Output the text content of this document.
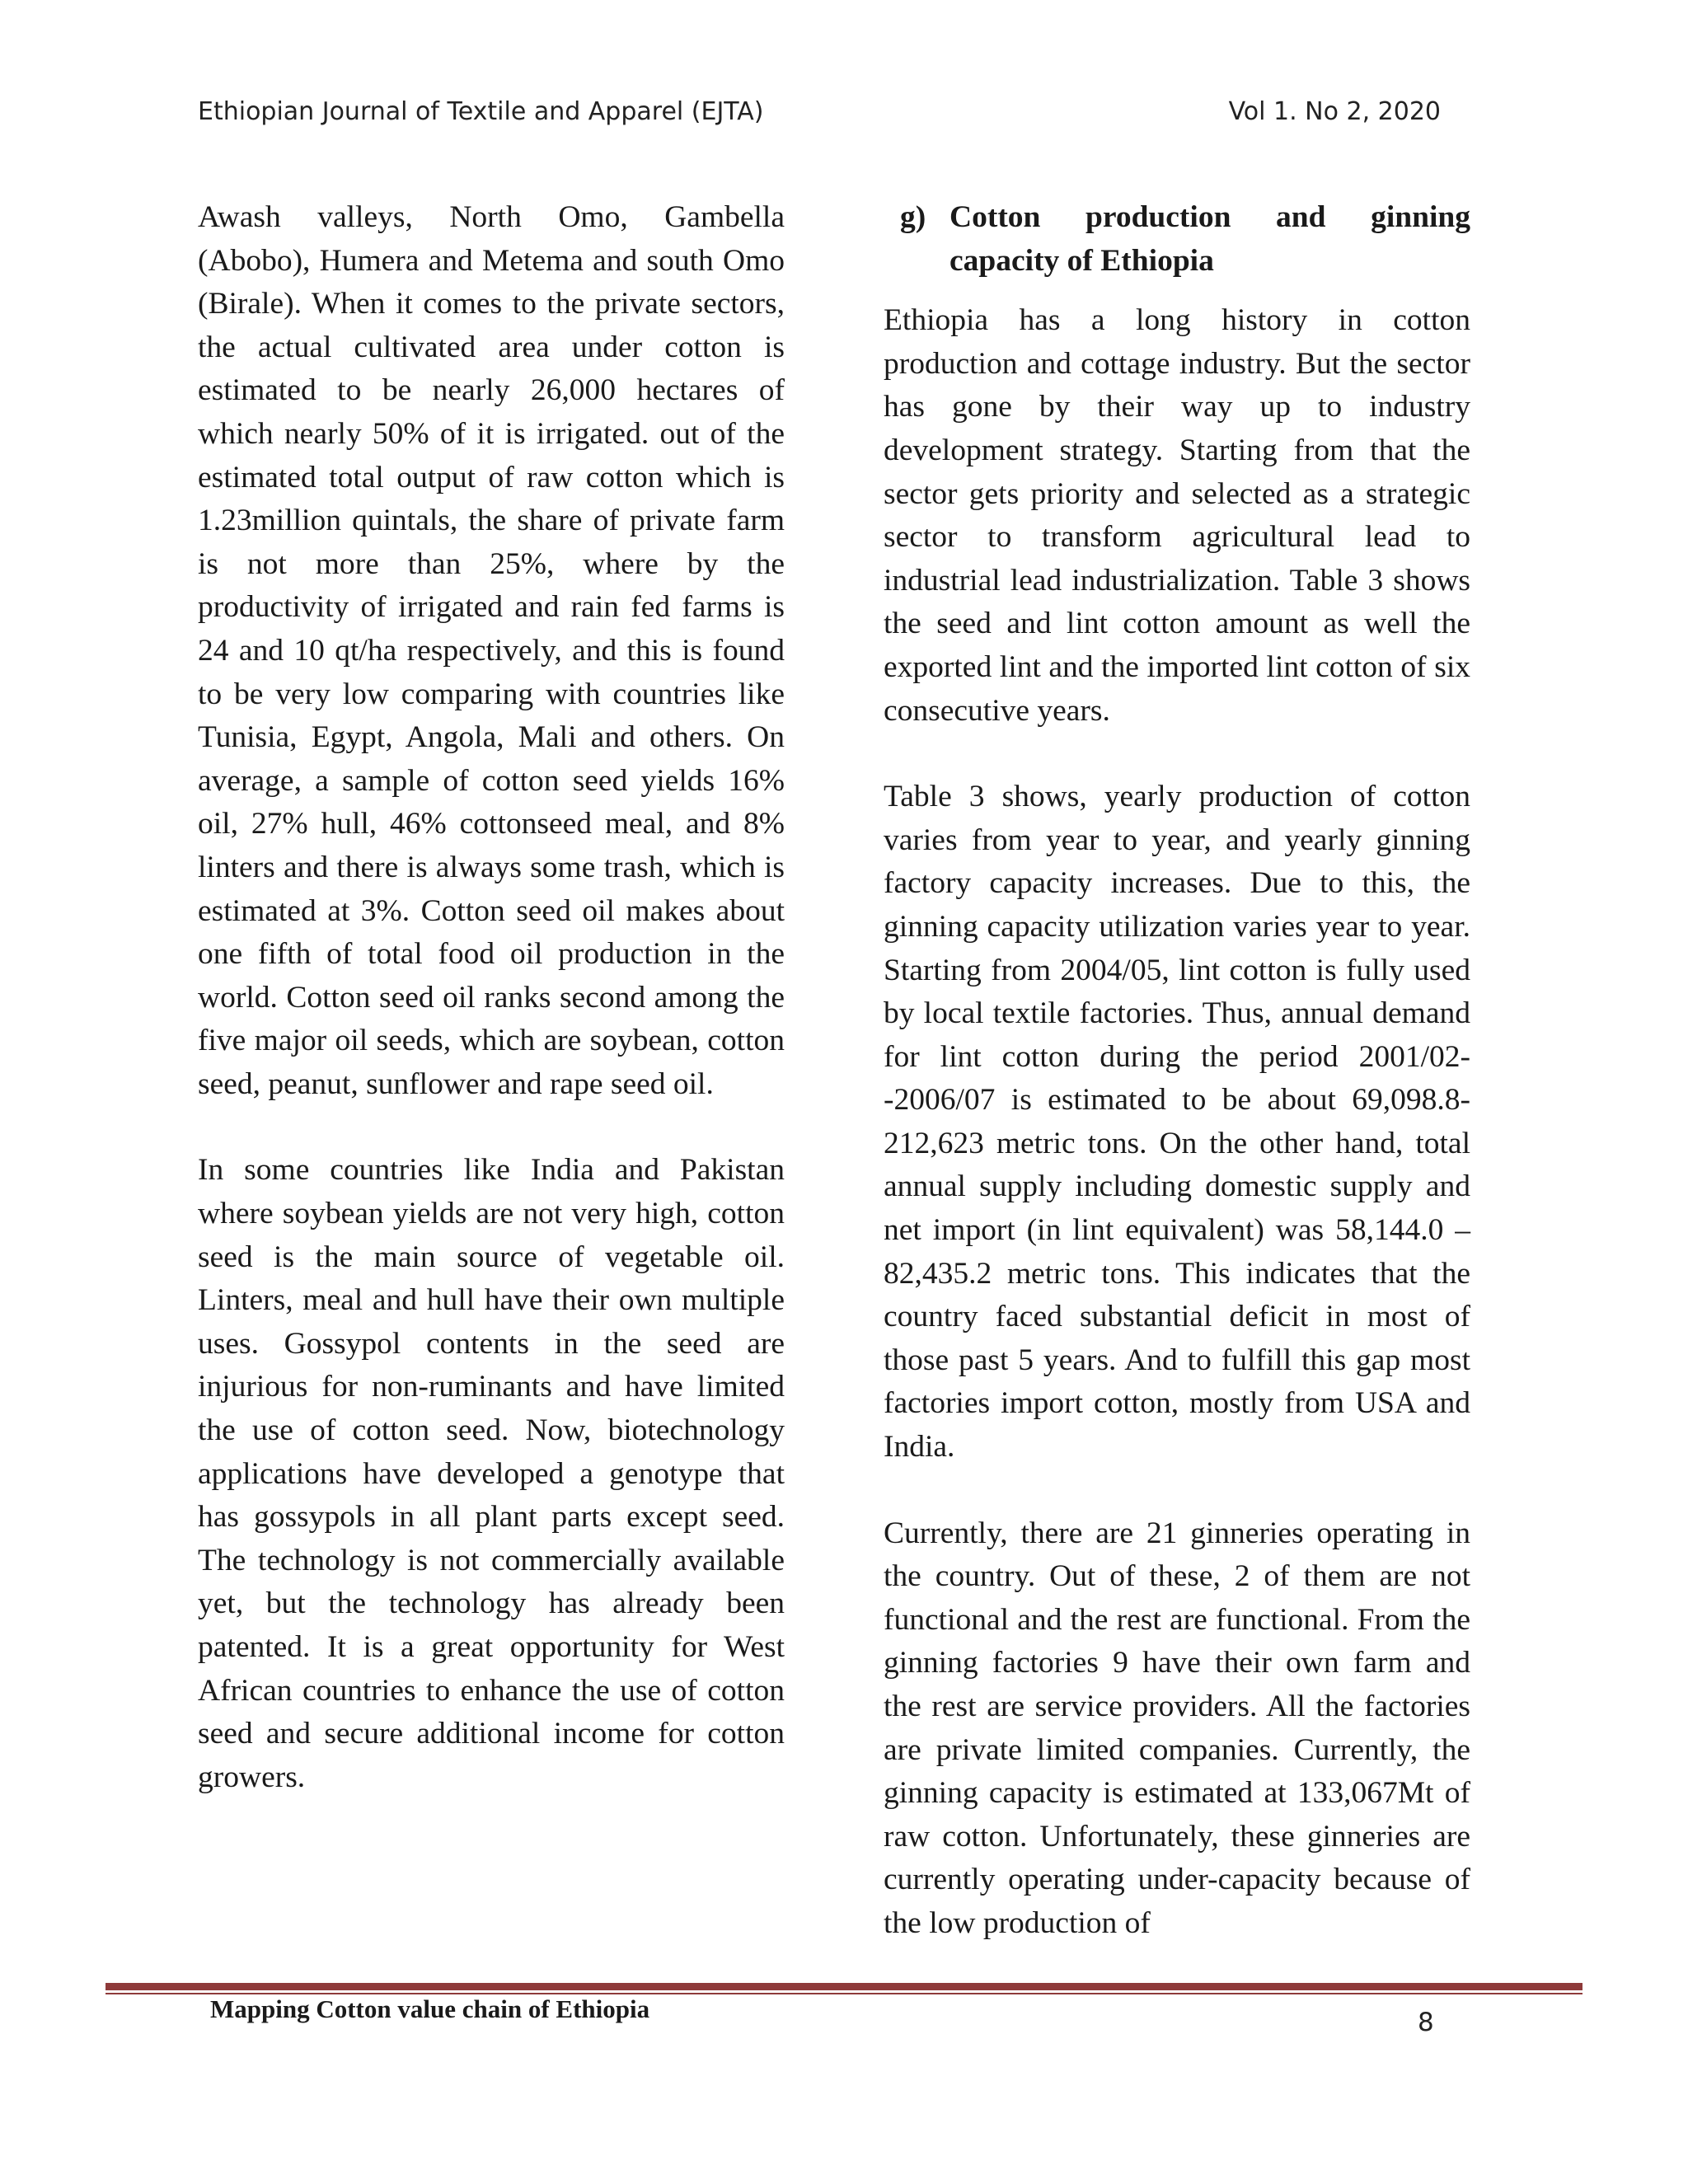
Ethiopian Journal of Textile and Apparel (EJTA)	Vol 1. No 2, 2020

Awash valleys, North Omo, Gambella (Abobo), Humera and Metema and south Omo (Birale). When it comes to the private sectors, the actual cultivated area under cotton is estimated to be nearly 26,000 hectares of which nearly 50% of it is irrigated. out of the estimated total output of raw cotton which is 1.23million quintals, the share of private farm is not more than 25%, where by the productivity of irrigated and rain fed farms is 24 and 10 qt/ha respectively, and this is found to be very low comparing with countries like Tunisia, Egypt, Angola, Mali and others. On average, a sample of cotton seed yields 16% oil, 27% hull, 46% cottonseed meal, and 8% linters and there is always some trash, which is estimated at 3%. Cotton seed oil makes about one fifth of total food oil production in the world. Cotton seed oil ranks second among the five major oil seeds, which are soybean, cotton seed, peanut, sunflower and rape seed oil.

In some countries like India and Pakistan where soybean yields are not very high, cotton seed is the main source of vegetable oil. Linters, meal and hull have their own multiple uses. Gossypol contents in the seed are injurious for non-ruminants and have limited the use of cotton seed. Now, biotechnology applications have developed a genotype that has gossypols in all plant parts except seed. The technology is not commercially available yet, but the technology has already been patented. It is a great opportunity for West African countries to enhance the use of cotton seed and secure additional income for cotton growers.

g) Cotton production and ginning capacity of Ethiopia

Ethiopia has a long history in cotton production and cottage industry. But the sector has gone by their way up to industry development strategy. Starting from that the sector gets priority and selected as a strategic sector to transform agricultural lead to industrial lead industrialization. Table 3 shows the seed and lint cotton amount as well the exported lint and the imported lint cotton of six consecutive years.

Table 3 shows, yearly production of cotton varies from year to year, and yearly ginning factory capacity increases. Due to this, the ginning capacity utilization varies year to year. Starting from 2004/05, lint cotton is fully used by local textile factories. Thus, annual demand for lint cotton during the period 2001/02--2006/07 is estimated to be about 69,098.8- 212,623 metric tons. On the other hand, total annual supply including domestic supply and net import (in lint equivalent) was 58,144.0 –82,435.2 metric tons. This indicates that the country faced substantial deficit in most of those past 5 years. And to fulfill this gap most factories import cotton, mostly from USA and India.

Currently, there are 21 ginneries operating in the country. Out of these, 2 of them are not functional and the rest are functional. From the ginning factories 9 have their own farm and the rest are service providers. All the factories are private limited companies. Currently, the ginning capacity is estimated at 133,067Mt of raw cotton. Unfortunately, these ginneries are currently operating under-capacity because of the low production of

Mapping Cotton value chain of Ethiopia	8
